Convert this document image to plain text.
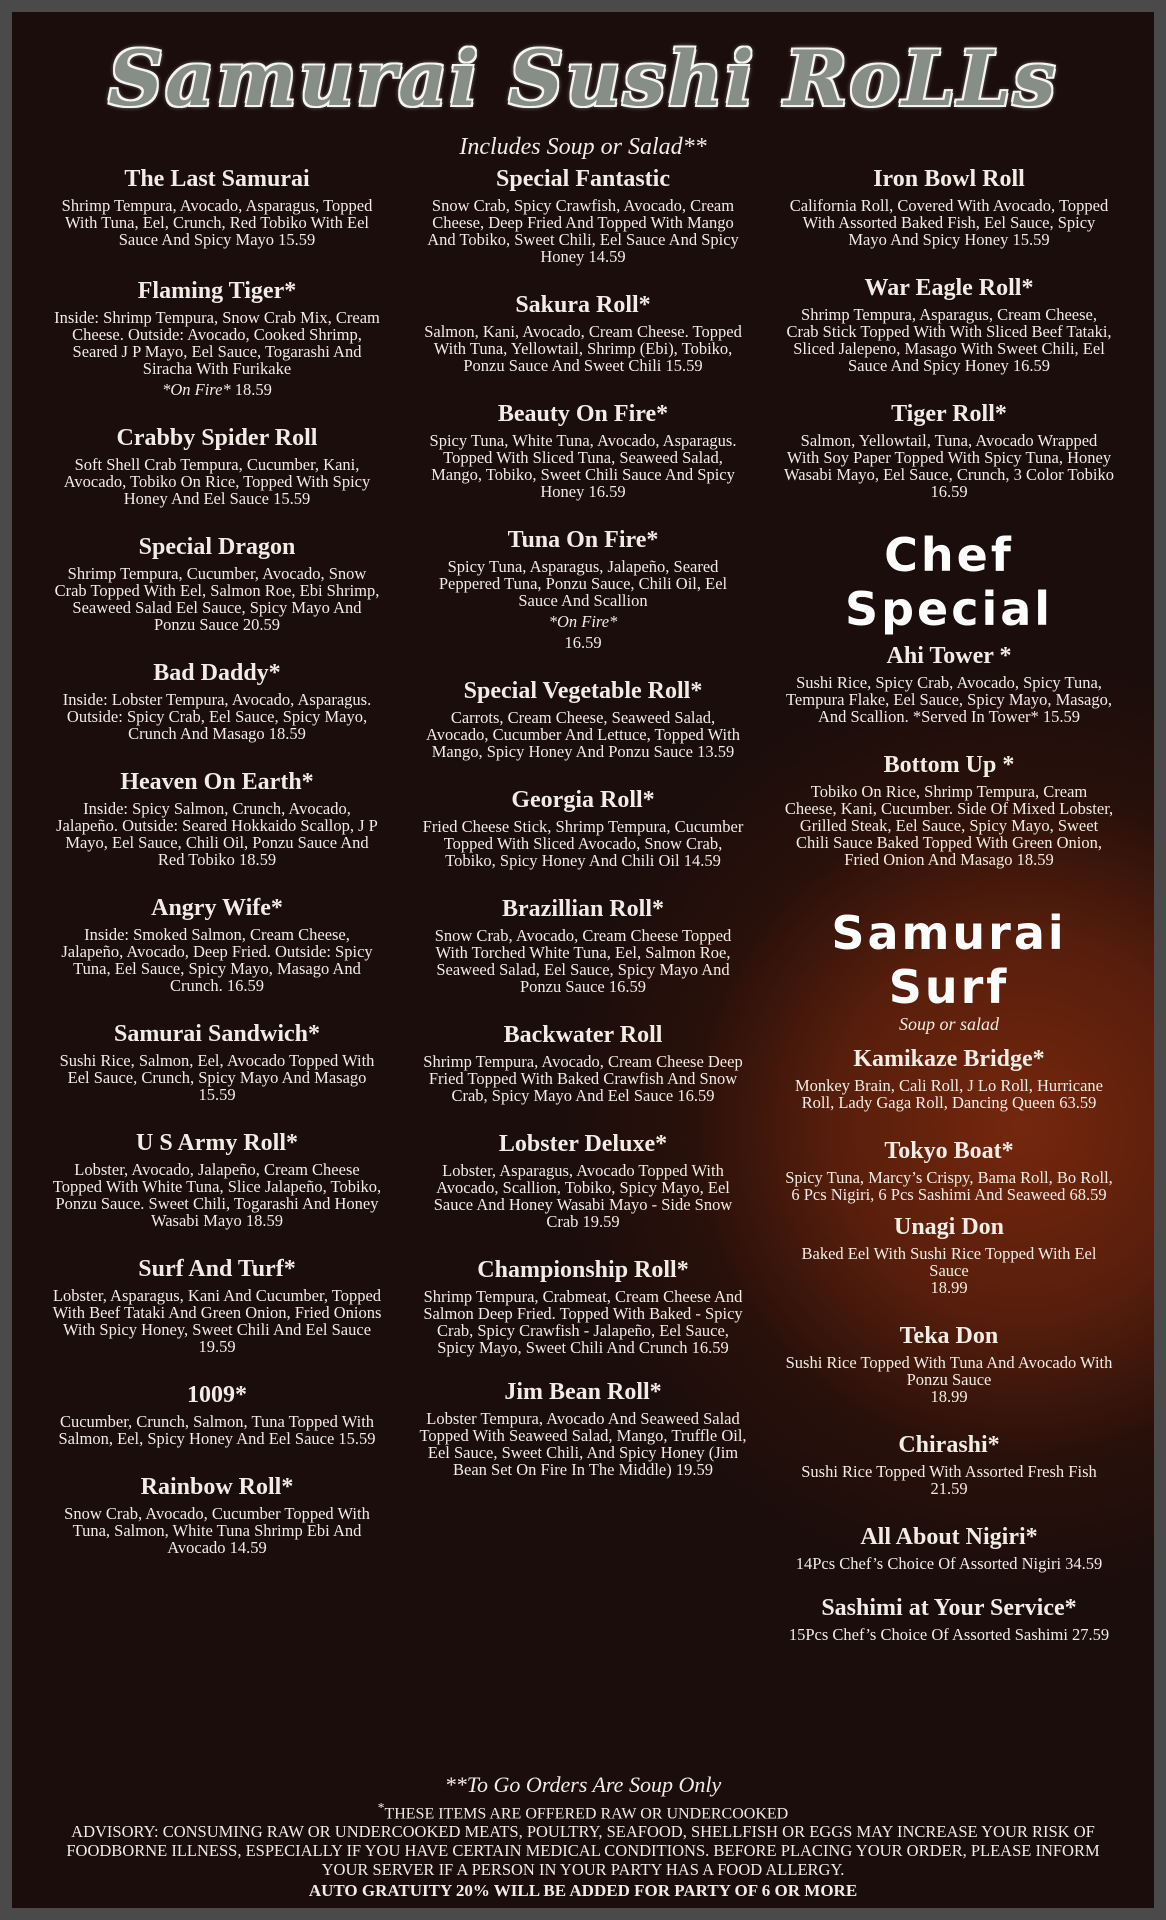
Samurai Sushi RoLLs
Includes Soup or Salad**
The Last Samurai

Shrimp Tempura, Avocado, Asparagus, Topped With Tuna, Eel, Crunch, Red Tobiko With Eel Sauce And Spicy Mayo 15.59

Flaming Tiger*

Inside: Shrimp Tempura, Snow Crab Mix, Cream Cheese. Outside: Avocado, Cooked Shrimp, Seared J P Mayo, Eel Sauce, Togarashi And Siracha With Furikake

*On Fire* 18.59

Crabby Spider Roll

Soft Shell Crab Tempura, Cucumber, Kani, Avocado, Tobiko On Rice, Topped With Spicy Honey And Eel Sauce 15.59

Special Dragon

Shrimp Tempura, Cucumber, Avocado, Snow Crab Topped With Eel, Salmon Roe, Ebi Shrimp, Seaweed Salad Eel Sauce, Spicy Mayo And Ponzu Sauce 20.59

Bad Daddy*

Inside: Lobster Tempura, Avocado, Asparagus. Outside: Spicy Crab, Eel Sauce, Spicy Mayo, Crunch And Masago 18.59

Heaven On Earth*

Inside: Spicy Salmon, Crunch, Avocado, Jalapeño. Outside: Seared Hokkaido Scallop, J P Mayo, Eel Sauce, Chili Oil, Ponzu Sauce And Red Tobiko 18.59

Angry Wife*

Inside: Smoked Salmon, Cream Cheese, Jalapeño, Avocado, Deep Fried. Outside: Spicy Tuna, Eel Sauce, Spicy Mayo, Masago And Crunch. 16.59

Samurai Sandwich*

Sushi Rice, Salmon, Eel, Avocado Topped With Eel Sauce, Crunch, Spicy Mayo And Masago 15.59

U S Army Roll*

Lobster, Avocado, Jalapeño, Cream Cheese Topped With White Tuna, Slice Jalapeño, Tobiko, Ponzu Sauce. Sweet Chili, Togarashi And Honey Wasabi Mayo 18.59

Surf And Turf*

Lobster, Asparagus, Kani And Cucumber, Topped With Beef Tataki And Green Onion, Fried Onions With Spicy Honey, Sweet Chili And Eel Sauce 19.59

1009*

Cucumber, Crunch, Salmon, Tuna Topped With Salmon, Eel, Spicy Honey And Eel Sauce 15.59

Rainbow Roll*

Snow Crab, Avocado, Cucumber Topped With Tuna, Salmon, White Tuna Shrimp Ebi And Avocado 14.59

Special Fantastic

Snow Crab, Spicy Crawfish, Avocado, Cream Cheese, Deep Fried And Topped With Mango And Tobiko, Sweet Chili, Eel Sauce And Spicy Honey 14.59

Sakura Roll*

Salmon, Kani, Avocado, Cream Cheese. Topped With Tuna, Yellowtail, Shrimp (Ebi), Tobiko, Ponzu Sauce And Sweet Chili 15.59

Beauty On Fire*

Spicy Tuna, White Tuna, Avocado, Asparagus. Topped With Sliced Tuna, Seaweed Salad, Mango, Tobiko, Sweet Chili Sauce And Spicy Honey 16.59

Tuna On Fire*

Spicy Tuna, Asparagus, Jalapeño, Seared Peppered Tuna, Ponzu Sauce, Chili Oil, Eel Sauce And Scallion

*On Fire*

16.59

Special Vegetable Roll*

Carrots, Cream Cheese, Seaweed Salad, Avocado, Cucumber And Lettuce, Topped With Mango, Spicy Honey And Ponzu Sauce 13.59

Georgia Roll*

Fried Cheese Stick, Shrimp Tempura, Cucumber Topped With Sliced Avocado, Snow Crab, Tobiko, Spicy Honey And Chili Oil 14.59

Brazillian Roll*

Snow Crab, Avocado, Cream Cheese Topped With Torched White Tuna, Eel, Salmon Roe, Seaweed Salad, Eel Sauce, Spicy Mayo And Ponzu Sauce 16.59

Backwater Roll

Shrimp Tempura, Avocado, Cream Cheese Deep Fried Topped With Baked Crawfish And Snow Crab, Spicy Mayo And Eel Sauce 16.59

Lobster Deluxe*

Lobster, Asparagus, Avocado Topped With Avocado, Scallion, Tobiko, Spicy Mayo, Eel Sauce And Honey Wasabi Mayo - Side Snow Crab 19.59

Championship Roll*

Shrimp Tempura, Crabmeat, Cream Cheese And Salmon Deep Fried. Topped With Baked - Spicy Crab, Spicy Crawfish - Jalapeño, Eel Sauce, Spicy Mayo, Sweet Chili And Crunch 16.59

Jim Bean Roll*

Lobster Tempura, Avocado And Seaweed Salad Topped With Seaweed Salad, Mango, Truffle Oil, Eel Sauce, Sweet Chili, And Spicy Honey (Jim Bean Set On Fire In The Middle) 19.59

Iron Bowl Roll

California Roll, Covered With Avocado, Topped With Assorted Baked Fish, Eel Sauce, Spicy Mayo And Spicy Honey 15.59

War Eagle Roll*

Shrimp Tempura, Asparagus, Cream Cheese, Crab Stick Topped With With Sliced Beef Tataki, Sliced Jalepeno, Masago With Sweet Chili, Eel Sauce And Spicy Honey 16.59

Tiger Roll*

Salmon, Yellowtail, Tuna, Avocado Wrapped With Soy Paper Topped With Spicy Tuna, Honey Wasabi Mayo, Eel Sauce, Crunch, 3 Color Tobiko 16.59

Chef Special
Ahi Tower *

Sushi Rice, Spicy Crab, Avocado, Spicy Tuna, Tempura Flake, Eel Sauce, Spicy Mayo, Masago, And Scallion. *Served In Tower* 15.59

Bottom Up *

Tobiko On Rice, Shrimp Tempura, Cream Cheese, Kani, Cucumber. Side Of Mixed Lobster, Grilled Steak, Eel Sauce, Spicy Mayo, Sweet Chili Sauce Baked Topped With Green Onion, Fried Onion And Masago 18.59

Samurai Surf
Soup or salad
Kamikaze Bridge*

Monkey Brain, Cali Roll, J Lo Roll, Hurricane Roll, Lady Gaga Roll, Dancing Queen 63.59

Tokyo Boat*

Spicy Tuna, Marcy’s Crispy, Bama Roll, Bo Roll, 6 Pcs Nigiri, 6 Pcs Sashimi And Seaweed 68.59

Unagi Don

Baked Eel With Sushi Rice Topped With Eel Sauce

18.99

Teka Don

Sushi Rice Topped With Tuna And Avocado With Ponzu Sauce

18.99

Chirashi*

Sushi Rice Topped With Assorted Fresh Fish 21.59

All About Nigiri*

14Pcs Chef’s Choice Of Assorted Nigiri 34.59

Sashimi at Your Service*

15Pcs Chef’s Choice Of Assorted Sashimi 27.59

**To Go Orders Are Soup Only

*THESE ITEMS ARE OFFERED RAW OR UNDERCOOKED

ADVISORY: CONSUMING RAW OR UNDERCOOKED MEATS, POULTRY, SEAFOOD, SHELLFISH OR EGGS MAY INCREASE YOUR RISK OF FOODBORNE ILLNESS, ESPECIALLY IF YOU HAVE CERTAIN MEDICAL CONDITIONS. BEFORE PLACING YOUR ORDER, PLEASE INFORM YOUR SERVER IF A PERSON IN YOUR PARTY HAS A FOOD ALLERGY.

AUTO GRATUITY 20% WILL BE ADDED FOR PARTY OF 6 OR MORE
